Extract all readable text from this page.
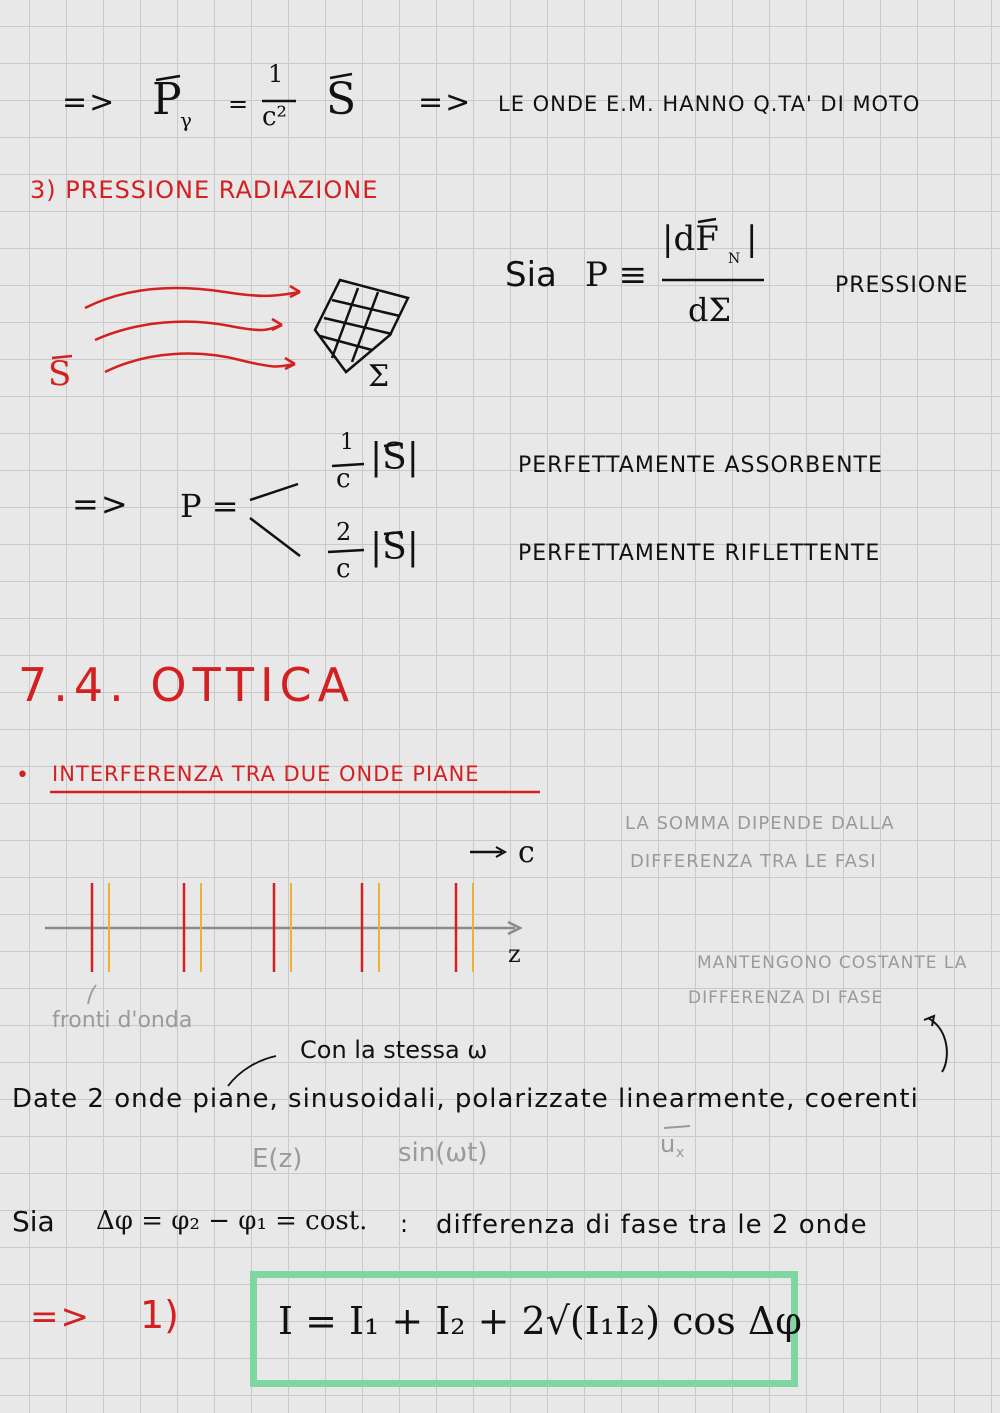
=> P
γ
=
1
c² S => LE ONDE E.M. HANNO Q.TA' DI MOTO
3) PRESSIONE RADIAZIONE
Sia P ≡
|dF N |
dΣ
PRESSIONE
S	Σ
=> P =
1
c
|S|	PERFETTAMENTE ASSORBENTE
2
c
|S|	PERFETTAMENTE RIFLETTENTE
7.4. OTTICA
• INTERFERENZA TRA DUE ONDE PIANE
c
z
fronti d'onda
LA SOMMA DIPENDE DALLA
DIFFERENZA TRA LE FASI
MANTENGONO COSTANTE LA
DIFFERENZA DI FASE
Con la stessa ω
Date 2 onde piane, sinusoidali, polarizzate linearmente, coerenti
E(z)	sin(ωt)	u x
Sia Δφ = φ₂ − φ₁ = cost. : differenza di fase tra le 2 onde
=> 1)	I = I₁ + I₂ + 2√(I₁I₂) cos Δφ
